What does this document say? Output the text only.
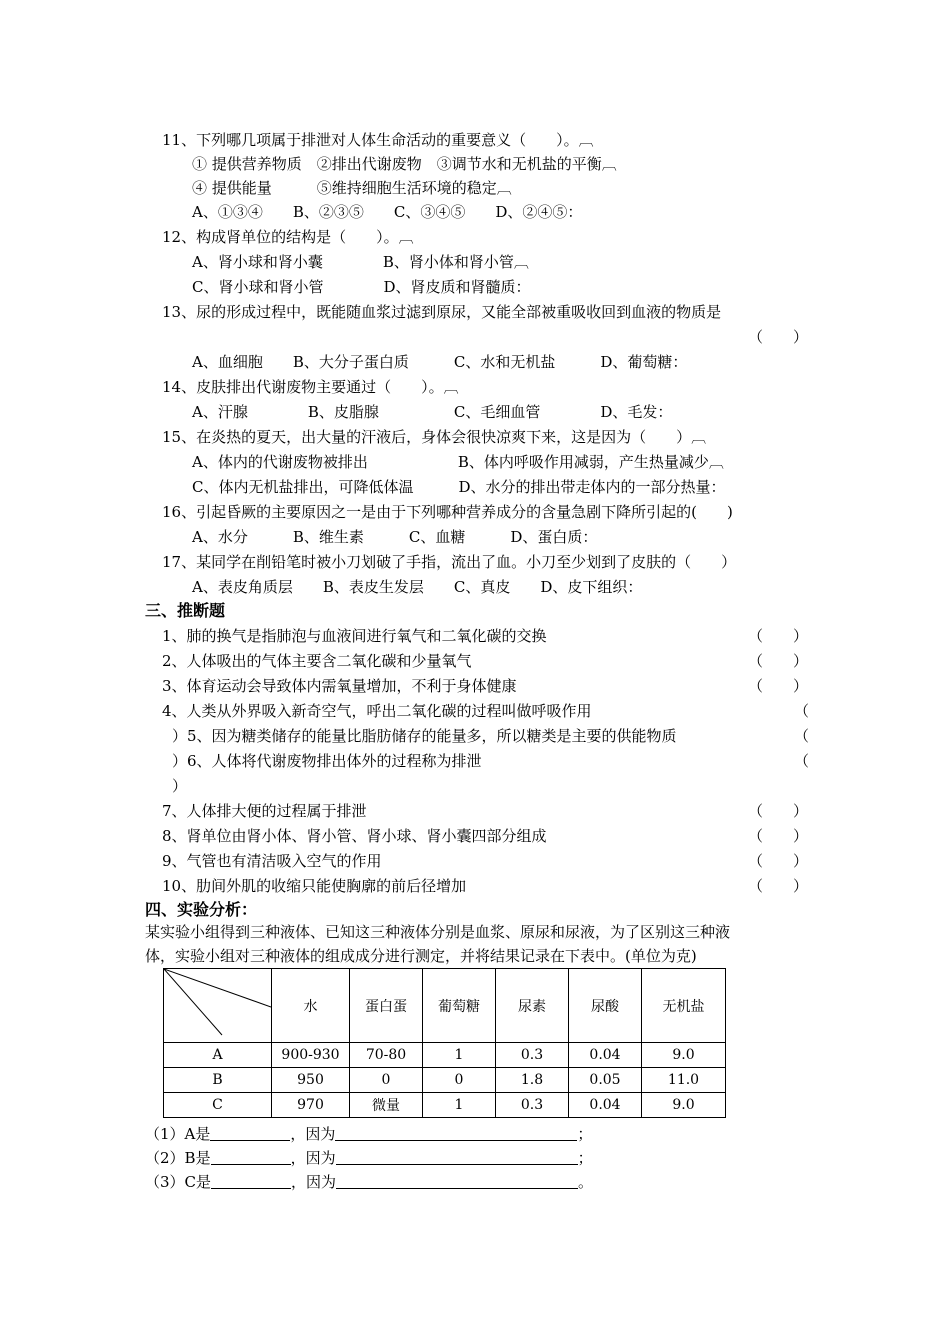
11、下列哪几项属于排泄对人体生命活动的重要意义（　　）。︹
① 提供营养物质　②排出代谢废物　③调节水和无机盐的平衡︹
④ 提供能量　　　⑤维持细胞生活环境的稳定︹
A、①③④　　B、②③⑤　　C、③④⑤　　D、②④⑤：
12、构成肾单位的结构是（　　）。︹
A、肾小球和肾小囊　　　　B、肾小体和肾小管︹
C、肾小球和肾小管　　　　D、肾皮质和肾髓质：
13、尿的形成过程中，既能随血浆过滤到原尿，又能全部被重吸收回到血液的物质是
（　　）
A、血细胞　　B、大分子蛋白质　　　C、水和无机盐　　　D、葡萄糖：
14、皮肤排出代谢废物主要通过（　　）。︹
A、汗腺　　　　B、皮脂腺　　　　　C、毛细血管　　　　D、毛发：
15、在炎热的夏天，出大量的汗液后，身体会很快凉爽下来，这是因为（　　）︹
A、体内的代谢废物被排出　　　　　　B、体内呼吸作用减弱，产生热量减少︹
C、体内无机盐排出，可降低体温　　　D、水分的排出带走体内的一部分热量：
16、引起昏厥的主要原因之一是由于下列哪种营养成分的含量急剧下降所引起的(　　)
A、水分　　　B、维生素　　　C、血糖　　　D、蛋白质：
17、某同学在削铅笔时被小刀划破了手指，流出了血。小刀至少划到了皮肤的（　　）
A、表皮角质层　　B、表皮生发层　　C、真皮　　D、皮下组织：
三、推断题
1、肺的换气是指肺泡与血液间进行氧气和二氧化碳的交换	（　　）
2、人体吸出的气体主要含二氧化碳和少量氧气	（　　）
3、体育运动会导致体内需氧量增加，不利于身体健康	（　　）
4、人类从外界吸入新奇空气，呼出二氧化碳的过程叫做呼吸作用	（
）5、因为糖类储存的能量比脂肪储存的能量多，所以糖类是主要的供能物质	（
）6、人体将代谢废物排出体外的过程称为排泄	（
）
7、人体排大便的过程属于排泄	（　　）
8、肾单位由肾小体、肾小管、肾小球、肾小囊四部分组成	（　　）
9、气管也有清洁吸入空气的作用	（　　）
10、肋间外肌的收缩只能使胸廓的前后径增加	（　　）
四、实验分析：
某实验小组得到三种液体、已知这三种液体分别是血浆、原尿和尿液，为了区别这三种液
体，实验小组对三种液体的组成成分进行测定，并将结果记录在下表中。(单位为克)
	水	蛋白蛋	葡萄糖	尿素	尿酸	无机盐
A	900-930	70-80	1	0.3	0.04	9.0
B	950	0	0	1.8	0.05	11.0
C	970	微量	1	0.3	0.04	9.0
（1）A是	，因为	；
（2）B是	，因为	；
（3）C是	，因为	。
